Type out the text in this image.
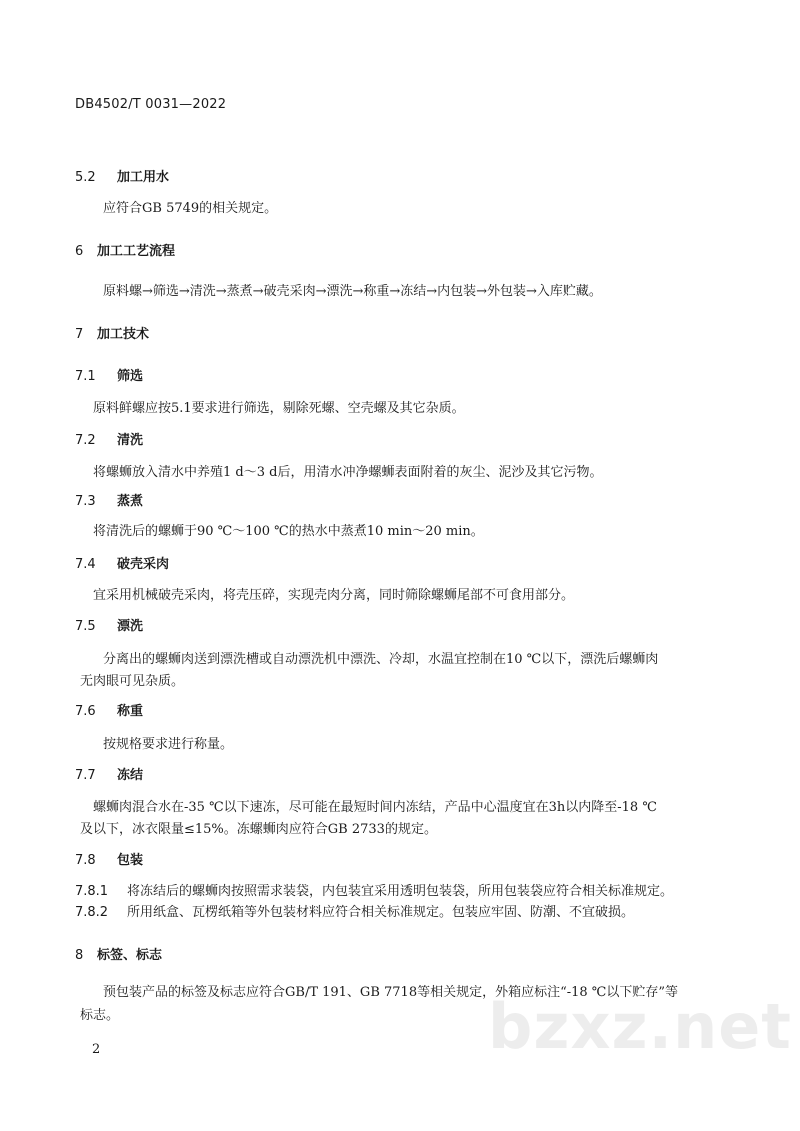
DB4502/T 0031—2022
5.2 加工用水
应符合GB 5749的相关规定。
6 加工工艺流程
原料螺→筛选→清洗→蒸煮→破壳采肉→漂洗→称重→冻结→内包装→外包装→入库贮藏。
7 加工技术
7.1 筛选
原料鲜螺应按5.1要求进行筛选，剔除死螺、空壳螺及其它杂质。
7.2 清洗
将螺蛳放入清水中养殖1 d～3 d后，用清水冲净螺蛳表面附着的灰尘、泥沙及其它污物。
7.3 蒸煮
将清洗后的螺蛳于90 ℃～100 ℃的热水中蒸煮10 min～20 min。
7.4 破壳采肉
宜采用机械破壳采肉，将壳压碎，实现壳肉分离，同时筛除螺蛳尾部不可食用部分。
7.5 漂洗
分离出的螺蛳肉送到漂洗槽或自动漂洗机中漂洗、冷却，水温宜控制在10 ℃以下，漂洗后螺蛳肉
无肉眼可见杂质。
7.6 称重
按规格要求进行称量。
7.7 冻结
螺蛳肉混合水在-35 ℃以下速冻，尽可能在最短时间内冻结，产品中心温度宜在3h以内降至-18 ℃
及以下，冰衣限量≤15%。冻螺蛳肉应符合GB 2733的规定。
7.8 包装
7.8.1 将冻结后的螺蛳肉按照需求装袋，内包装宜采用透明包装袋，所用包装袋应符合相关标准规定。
7.8.2 所用纸盒、瓦楞纸箱等外包装材料应符合相关标准规定。包装应牢固、防潮、不宜破损。
8 标签、标志
预包装产品的标签及标志应符合GB/T 191、GB 7718等相关规定，外箱应标注“-18 ℃以下贮存”等
标志。	bzxz.net
2
